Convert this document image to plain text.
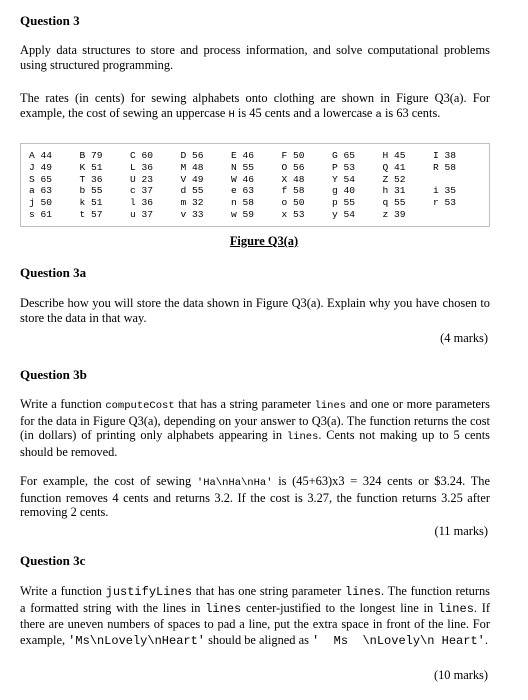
Question 3
Apply data structures to store and process information, and solve computational problems using structured programming.
The rates (in cents) for sewing alphabets onto clothing are shown in Figure Q3(a). For example, the cost of sewing an uppercase H is 45 cents and a lowercase a is 63 cents.
A 44	B 79	C 60	D 56	E 46	F 50	G 65	H 45	I 38
J 49	K 51	L 36	M 48	N 55	O 56	P 53	Q 41	R 58
S 65	T 36	U 23	V 49	W 46	X 48	Y 54	Z 52
a 63	b 55	c 37	d 55	e 63	f 58	g 40	h 31	i 35
j 50	k 51	l 36	m 32	n 58	o 50	p 55	q 55	r 53
s 61	t 57	u 37	v 33	w 59	x 53	y 54	z 39
Figure Q3(a)
Question 3a
Describe how you will store the data shown in Figure Q3(a). Explain why you have chosen to store the data in that way.
(4 marks)
Question 3b
Write a function computeCost that has a string parameter lines and one or more parameters for the data in Figure Q3(a), depending on your answer to Q3(a). The function returns the cost (in dollars) of printing only alphabets appearing in lines. Cents not making up to 5 cents should be removed.
For example, the cost of sewing 'Ha\nHa\nHa' is (45+63)x3 = 324 cents or $3.24. The function removes 4 cents and returns 3.2. If the cost is 3.27, the function returns 3.25 after removing 2 cents.
(11 marks)
Question 3c
Write a function justifyLines that has one string parameter lines. The function returns a formatted string with the lines in lines center-justified to the longest line in lines. If there are uneven numbers of spaces to pad a line, put the extra space in front of the line. For example, 'Ms\nLovely\nHeart' should be aligned as '  Ms  \nLovely\n Heart'.
(10 marks)
